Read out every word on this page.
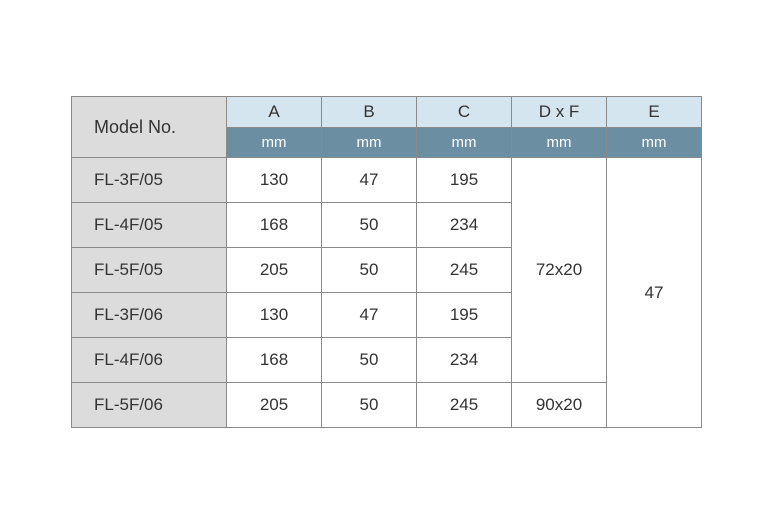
Model No.	A	B	C	D x F	E
	mm	mm	mm	mm	mm
FL-3F/05	130	47	195	72x20	47
FL-4F/05	168	50	234		
FL-5F/05	205	50	245		
FL-3F/06	130	47	195		
FL-4F/06	168	50	234		
FL-5F/06	205	50	245	90x20	
